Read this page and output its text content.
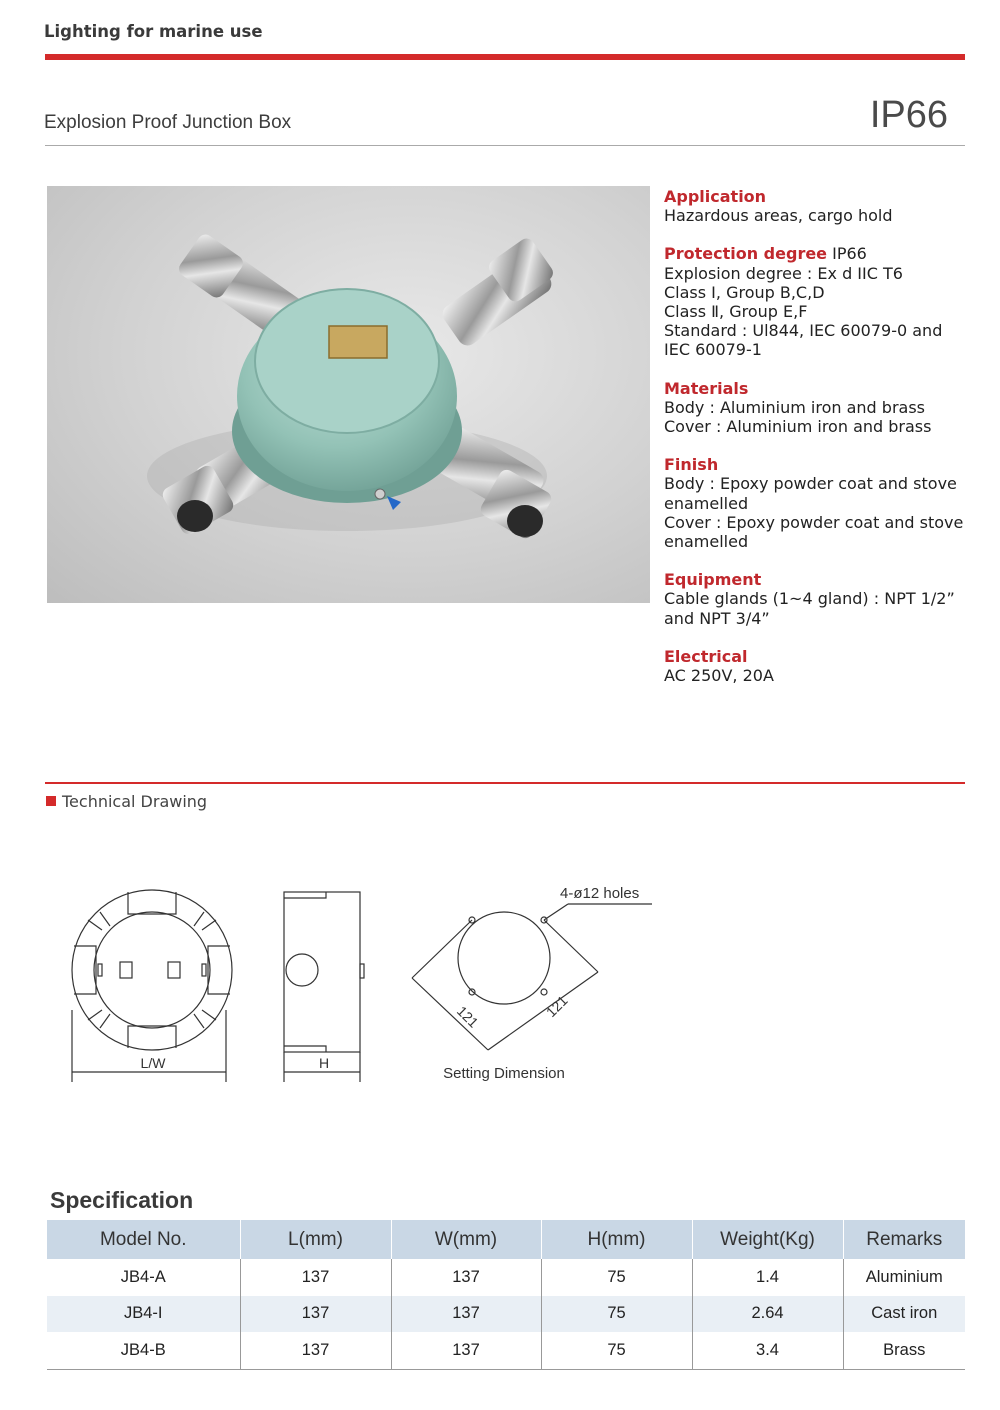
Lighting for marine use
Explosion Proof Junction Box	IP66
Application
Hazardous areas, cargo hold
Protection degree IP66
Explosion degree : Ex d IIC T6
Class Ⅰ, Group B,C,D
Class Ⅱ, Group E,F
Standard : Ul844, IEC 60079-0 and
IEC 60079-1
Materials
Body : Aluminium iron and brass
Cover : Aluminium iron and brass
Finish
Body : Epoxy powder coat and stove
enamelled
Cover : Epoxy powder coat and stove
enamelled
Equipment
Cable glands (1~4 gland) : NPT 1/2”
and NPT 3/4”
Electrical
AC 250V, 20A
Technical Drawing
L/W	H
4-ø12 holes
121	121
Setting Dimension
Specification
Model No.	L(mm)	W(mm)	H(mm)	Weight(Kg)	Remarks
JB4-A	137	137	75	1.4	Aluminium
JB4-I	137	137	75	2.64	Cast iron
JB4-B	137	137	75	3.4	Brass
